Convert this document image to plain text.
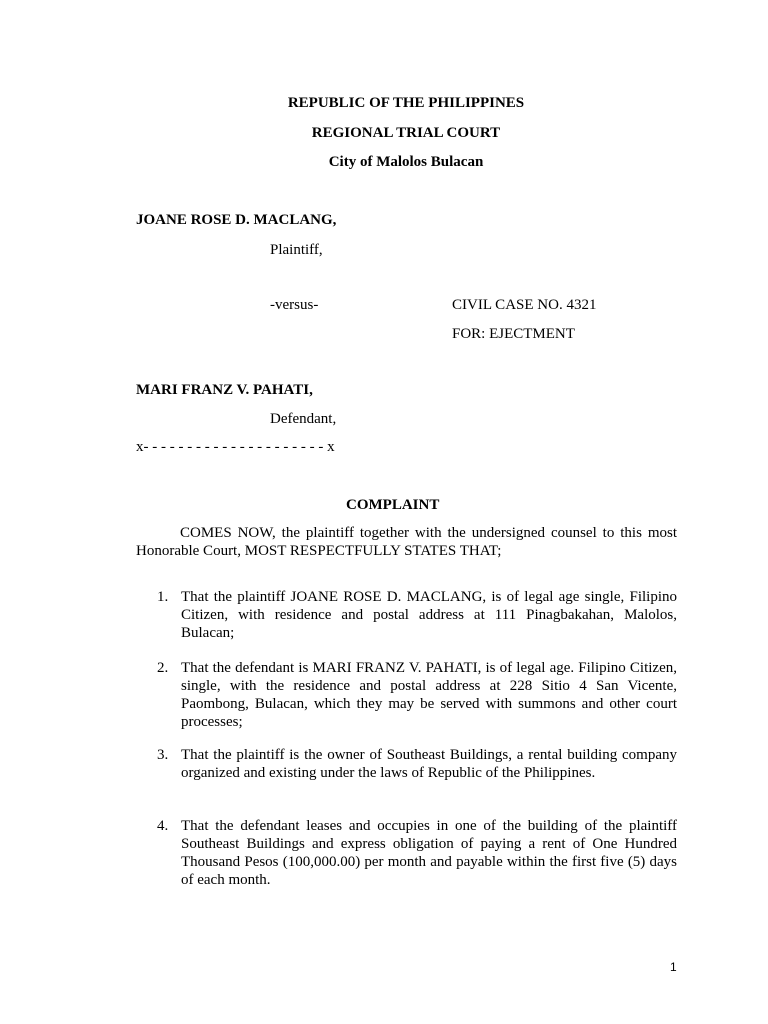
REPUBLIC OF THE PHILIPPINES
REGIONAL TRIAL COURT
City of Malolos Bulacan
JOANE ROSE D. MACLANG,
Plaintiff,
-versus-	CIVIL CASE NO. 4321
FOR: EJECTMENT
MARI FRANZ V. PAHATI,
Defendant,
x- - - - - - - - - - - - - - - - - - - - - x
COMPLAINT
COMES NOW, the plaintiff together with the undersigned counsel to this most Honorable Court, MOST RESPECTFULLY STATES THAT;
1. That the plaintiff JOANE ROSE D. MACLANG, is of legal age single, Filipino Citizen, with residence and postal address at 111 Pinagbakahan, Malolos, Bulacan;
2. That the defendant is MARI FRANZ V. PAHATI, is of legal age. Filipino Citizen, single, with the residence and postal address at 228 Sitio 4 San Vicente, Paombong, Bulacan, which they may be served with summons and other court processes;
3. That the plaintiff is the owner of Southeast Buildings, a rental building company organized and existing under the laws of Republic of the Philippines.
4. That the defendant leases and occupies in one of the building of the plaintiff Southeast Buildings and express obligation of paying a rent of One Hundred Thousand Pesos (100,000.00) per month and payable within the first five (5) days of each month.
1
